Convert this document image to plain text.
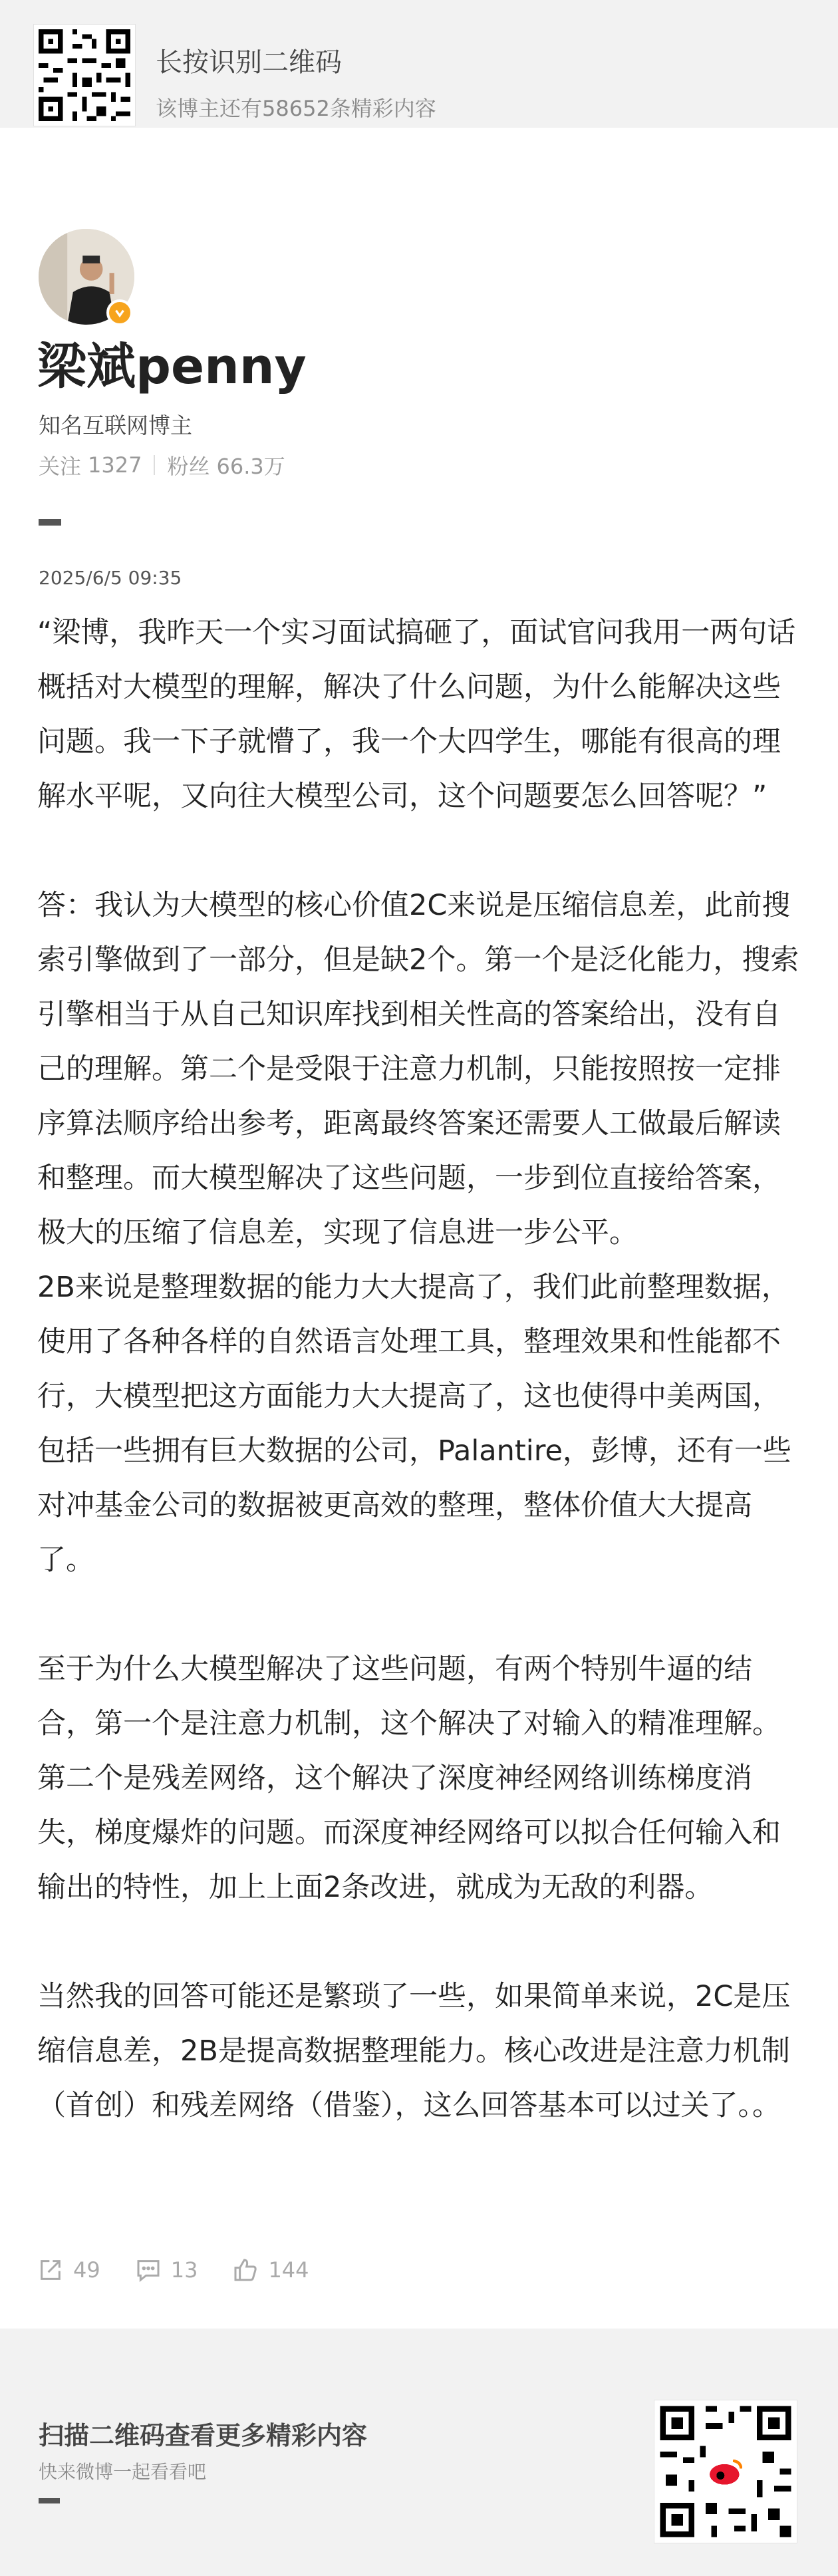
长按识别二维码
该博主还有58652条精彩内容
梁斌penny
知名互联网博主
关注 1327 粉丝 66.3万
2025/6/5 09:35

“梁博，我昨天一个实习面试搞砸了，面试官问我用一两句话概括对大模型的理解，解决了什么问题，为什么能解决这些问题。我一下子就懵了，我一个大四学生，哪能有很高的理解水平呢，又向往大模型公司，这个问题要怎么回答呢？”

答：我认为大模型的核心价值2C来说是压缩信息差，此前搜索引擎做到了一部分，但是缺2个。第一个是泛化能力，搜索引擎相当于从自己知识库找到相关性高的答案给出，没有自己的理解。第二个是受限于注意力机制，只能按照按一定排序算法顺序给出参考，距离最终答案还需要人工做最后解读和整理。而大模型解决了这些问题，一步到位直接给答案，极大的压缩了信息差，实现了信息进一步公平。

2B来说是整理数据的能力大大提高了，我们此前整理数据，使用了各种各样的自然语言处理工具，整理效果和性能都不行，大模型把这方面能力大大提高了，这也使得中美两国，包括一些拥有巨大数据的公司，Palantire，彭博，还有一些对冲基金公司的数据被更高效的整理，整体价值大大提高了。

至于为什么大模型解决了这些问题，有两个特别牛逼的结合，第一个是注意力机制，这个解决了对输入的精准理解。第二个是残差网络，这个解决了深度神经网络训练梯度消失，梯度爆炸的问题。而深度神经网络可以拟合任何输入和输出的特性，加上上面2条改进，就成为无敌的利器。

当然我的回答可能还是繁琐了一些，如果简单来说，2C是压缩信息差，2B是提高数据整理能力。核心改进是注意力机制（首创）和残差网络（借鉴），这么回答基本可以过关了。。

49	13	144
扫描二维码查看更多精彩内容
快来微博一起看看吧
